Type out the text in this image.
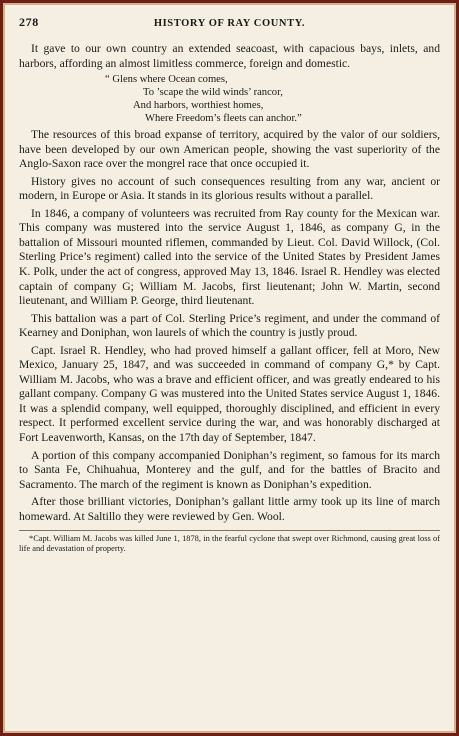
278	HISTORY OF RAY COUNTY.

It gave to our own country an extended seacoast, with capacious bays, inlets, and harbors, affording an almost limitless commerce, foreign and domestic.

“ Glens where Ocean comes,
To ’scape the wild winds’ rancor,
And harbors, worthiest homes,
Where Freedom’s fleets can anchor.”

The resources of this broad expanse of territory, acquired by the valor of our soldiers, have been developed by our own American people, showing the vast superiority of the Anglo-Saxon race over the mongrel race that once occupied it.

History gives no account of such consequences resulting from any war, ancient or modern, in Europe or Asia. It stands in its glorious results without a parallel.

In 1846, a company of volunteers was recruited from Ray county for the Mexican war. This company was mustered into the service August 1, 1846, as company G, in the battalion of Missouri mounted riflemen, commanded by Lieut. Col. David Willock, (Col. Sterling Price’s regiment) called into the service of the United States by President James K. Polk, under the act of congress, approved May 13, 1846. Israel R. Hendley was elected captain of company G; William M. Jacobs, first lieutenant; John W. Martin, second lieutenant, and William P. George, third lieutenant.

This battalion was a part of Col. Sterling Price’s regiment, and under the command of Kearney and Doniphan, won laurels of which the country is justly proud.

Capt. Israel R. Hendley, who had proved himself a gallant officer, fell at Moro, New Mexico, January 25, 1847, and was succeeded in command of company G,* by Capt. William M. Jacobs, who was a brave and efficient officer, and was greatly endeared to his gallant company. Company G was mustered into the United States service August 1, 1846. It was a splendid company, well equipped, thoroughly disciplined, and efficient in every respect. It performed excellent service during the war, and was honorably discharged at Fort Leavenworth, Kansas, on the 17th day of September, 1847.

A portion of this company accompanied Doniphan’s regiment, so famous for its march to Santa Fe, Chihuahua, Monterey and the gulf, and for the battles of Bracito and Sacramento. The march of the regiment is known as Doniphan’s expedition.

After those brilliant victories, Doniphan’s gallant little army took up its line of march homeward. At Saltillo they were reviewed by Gen. Wool.

*Capt. William M. Jacobs was killed June 1, 1878, in the fearful cyclone that swept over Richmond, causing great loss of life and devastation of property.
